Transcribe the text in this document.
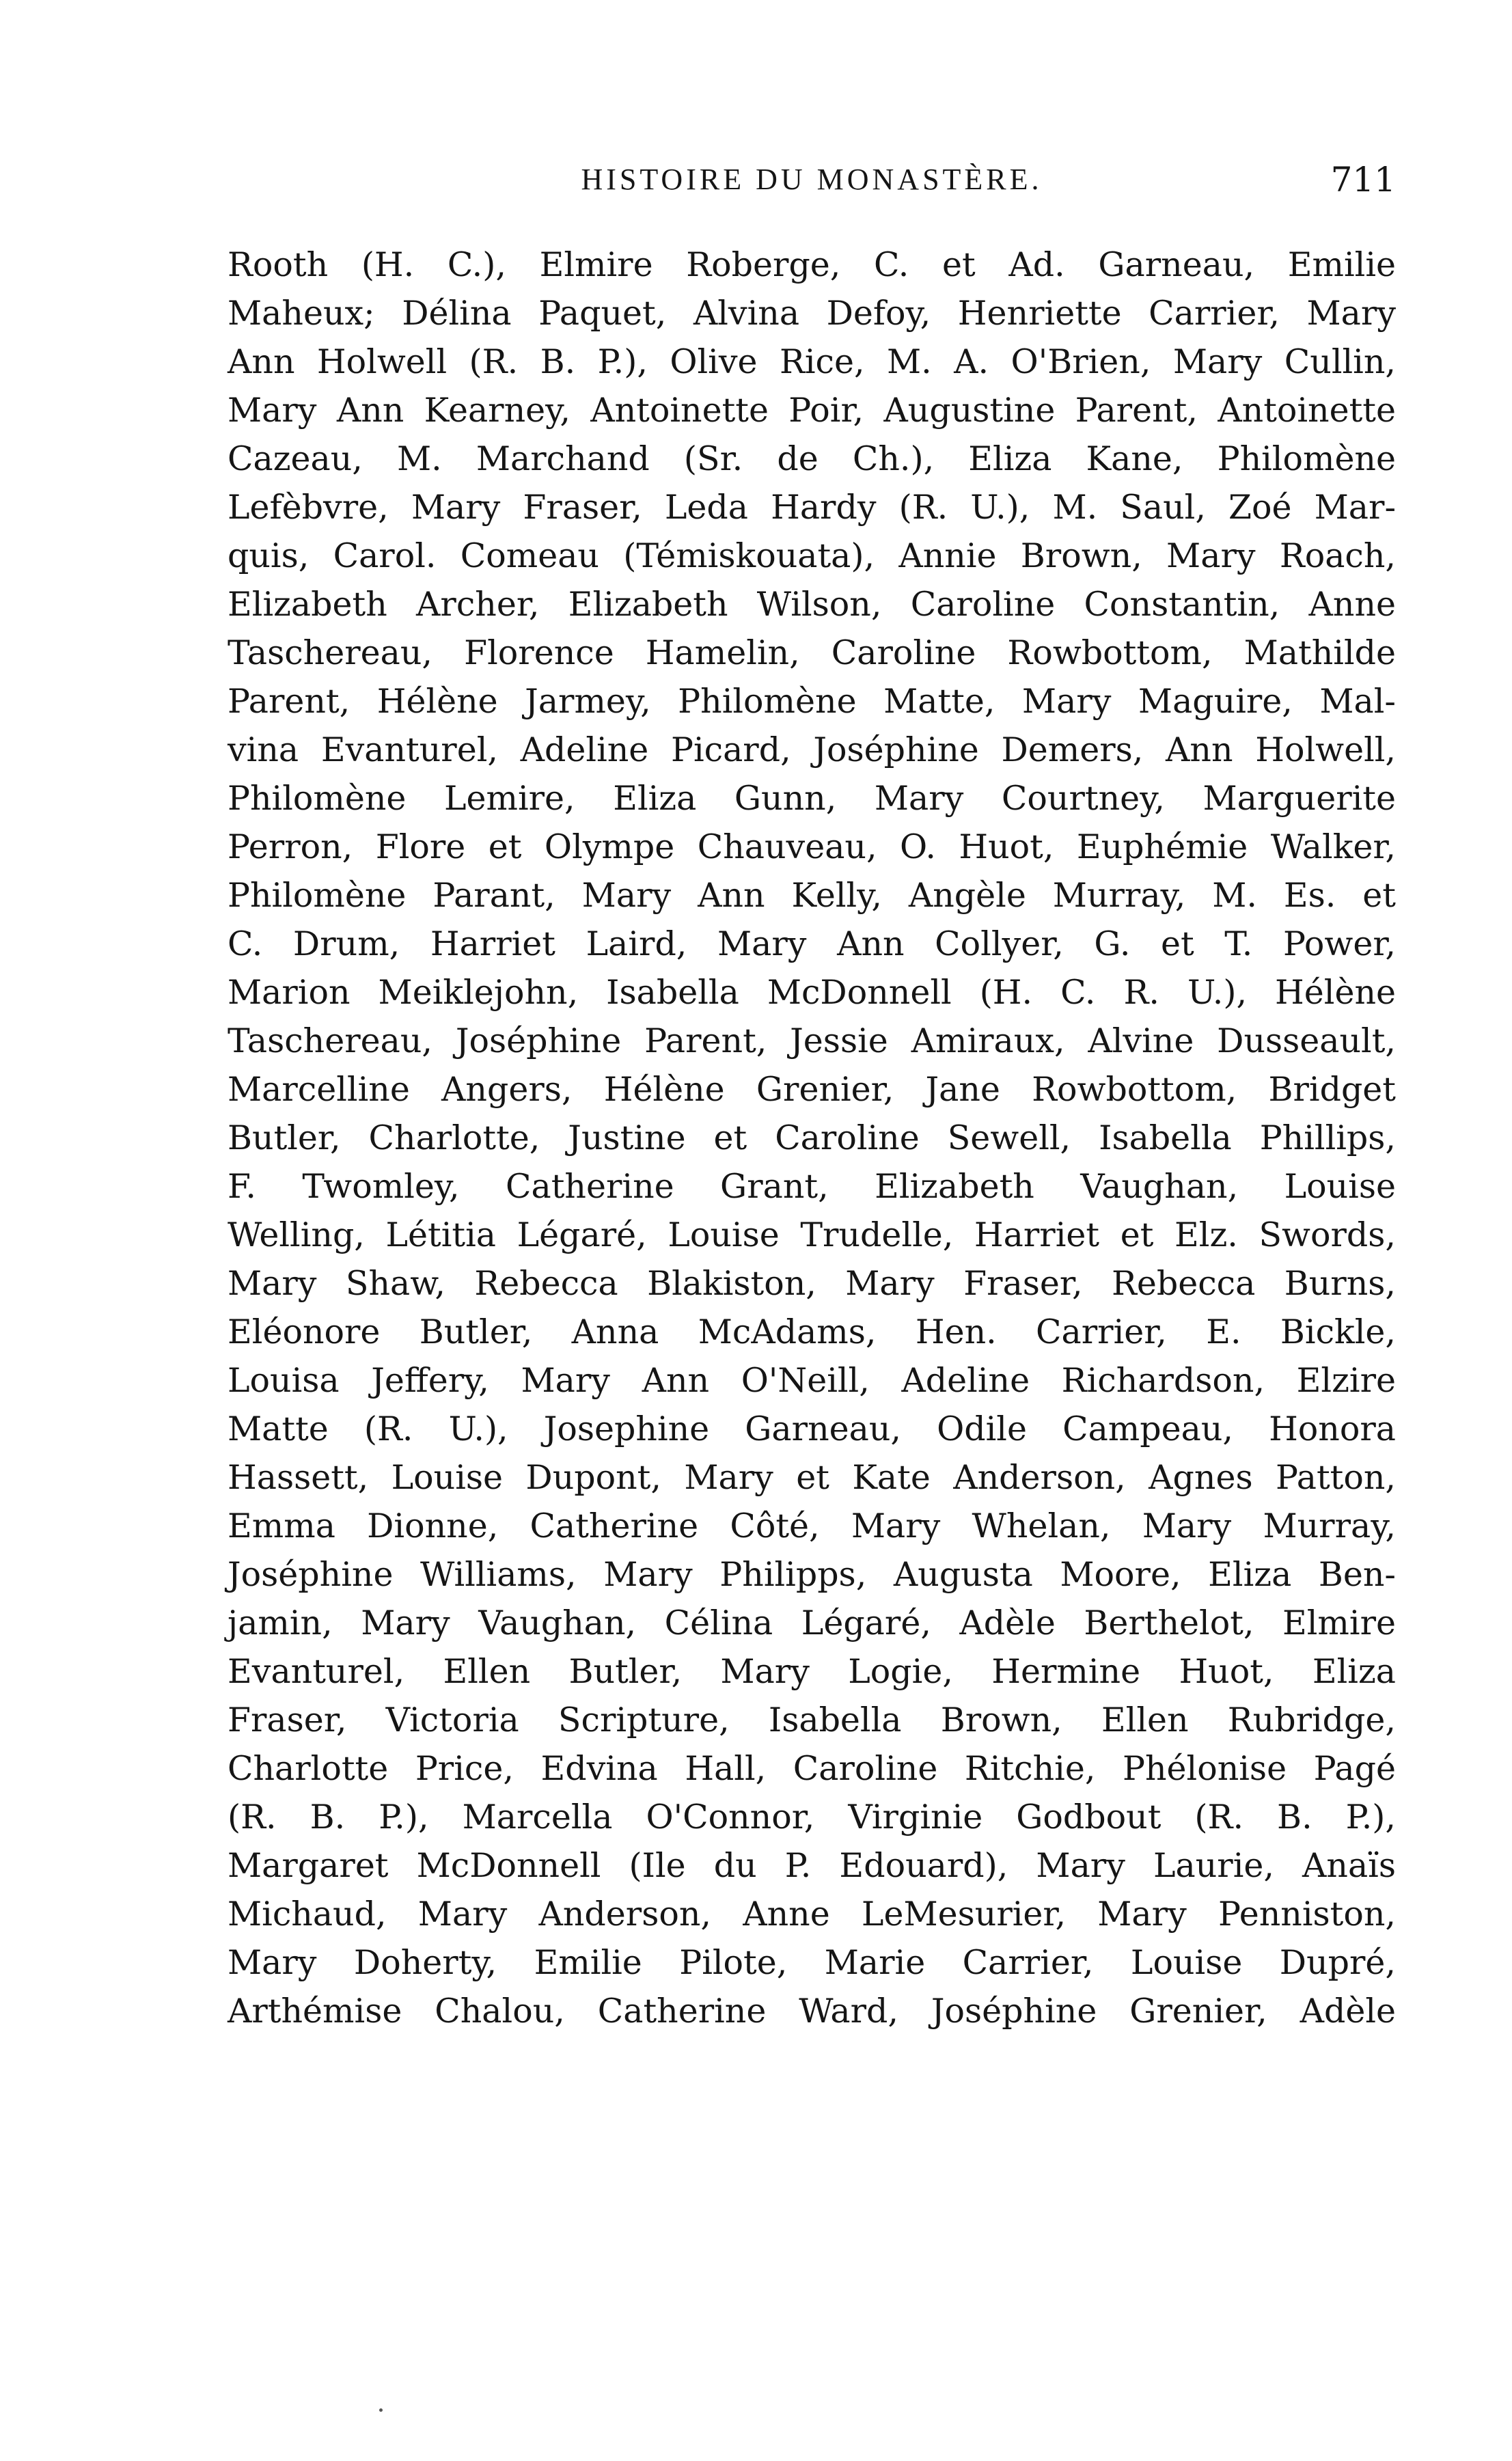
HISTOIRE DU MONASTÈRE.	711
Rooth (H. C.), Elmire Roberge, C. et Ad. Garneau, Emilie
Maheux; Délina Paquet, Alvina Defoy, Henriette Carrier, Mary
Ann Holwell (R. B. P.), Olive Rice, M. A. O'Brien, Mary Cullin,
Mary Ann Kearney, Antoinette Poir, Augustine Parent, Antoinette
Cazeau, M. Marchand (Sr. de Ch.), Eliza Kane, Philomène
Lefèbvre, Mary Fraser, Leda Hardy (R. U.), M. Saul, Zoé Mar-
quis, Carol. Comeau (Témiskouata), Annie Brown, Mary Roach,
Elizabeth Archer, Elizabeth Wilson, Caroline Constantin, Anne
Taschereau, Florence Hamelin, Caroline Rowbottom, Mathilde
Parent, Hélène Jarmey, Philomène Matte, Mary Maguire, Mal-
vina Evanturel, Adeline Picard, Joséphine Demers, Ann Holwell,
Philomène Lemire, Eliza Gunn, Mary Courtney, Marguerite
Perron, Flore et Olympe Chauveau, O. Huot, Euphémie Walker,
Philomène Parant, Mary Ann Kelly, Angèle Murray, M. Es. et
C. Drum, Harriet Laird, Mary Ann Collyer, G. et T. Power,
Marion Meiklejohn, Isabella McDonnell (H. C. R. U.), Hélène
Taschereau, Joséphine Parent, Jessie Amiraux, Alvine Dusseault,
Marcelline Angers, Hélène Grenier, Jane Rowbottom, Bridget
Butler, Charlotte, Justine et Caroline Sewell, Isabella Phillips,
F. Twomley, Catherine Grant, Elizabeth Vaughan, Louise
Welling, Létitia Légaré, Louise Trudelle, Harriet et Elz. Swords,
Mary Shaw, Rebecca Blakiston, Mary Fraser, Rebecca Burns,
Eléonore Butler, Anna McAdams, Hen. Carrier, E. Bickle,
Louisa Jeffery, Mary Ann O'Neill, Adeline Richardson, Elzire
Matte (R. U.), Josephine Garneau, Odile Campeau, Honora
Hassett, Louise Dupont, Mary et Kate Anderson, Agnes Patton,
Emma Dionne, Catherine Côté, Mary Whelan, Mary Murray,
Joséphine Williams, Mary Philipps, Augusta Moore, Eliza Ben-
jamin, Mary Vaughan, Célina Légaré, Adèle Berthelot, Elmire
Evanturel, Ellen Butler, Mary Logie, Hermine Huot, Eliza
Fraser, Victoria Scripture, Isabella Brown, Ellen Rubridge,
Charlotte Price, Edvina Hall, Caroline Ritchie, Phélonise Pagé
(R. B. P.), Marcella O'Connor, Virginie Godbout (R. B. P.),
Margaret McDonnell (Ile du P. Edouard), Mary Laurie, Anaïs
Michaud, Mary Anderson, Anne LeMesurier, Mary Penniston,
Mary Doherty, Emilie Pilote, Marie Carrier, Louise Dupré,
Arthémise Chalou, Catherine Ward, Joséphine Grenier, Adèle
